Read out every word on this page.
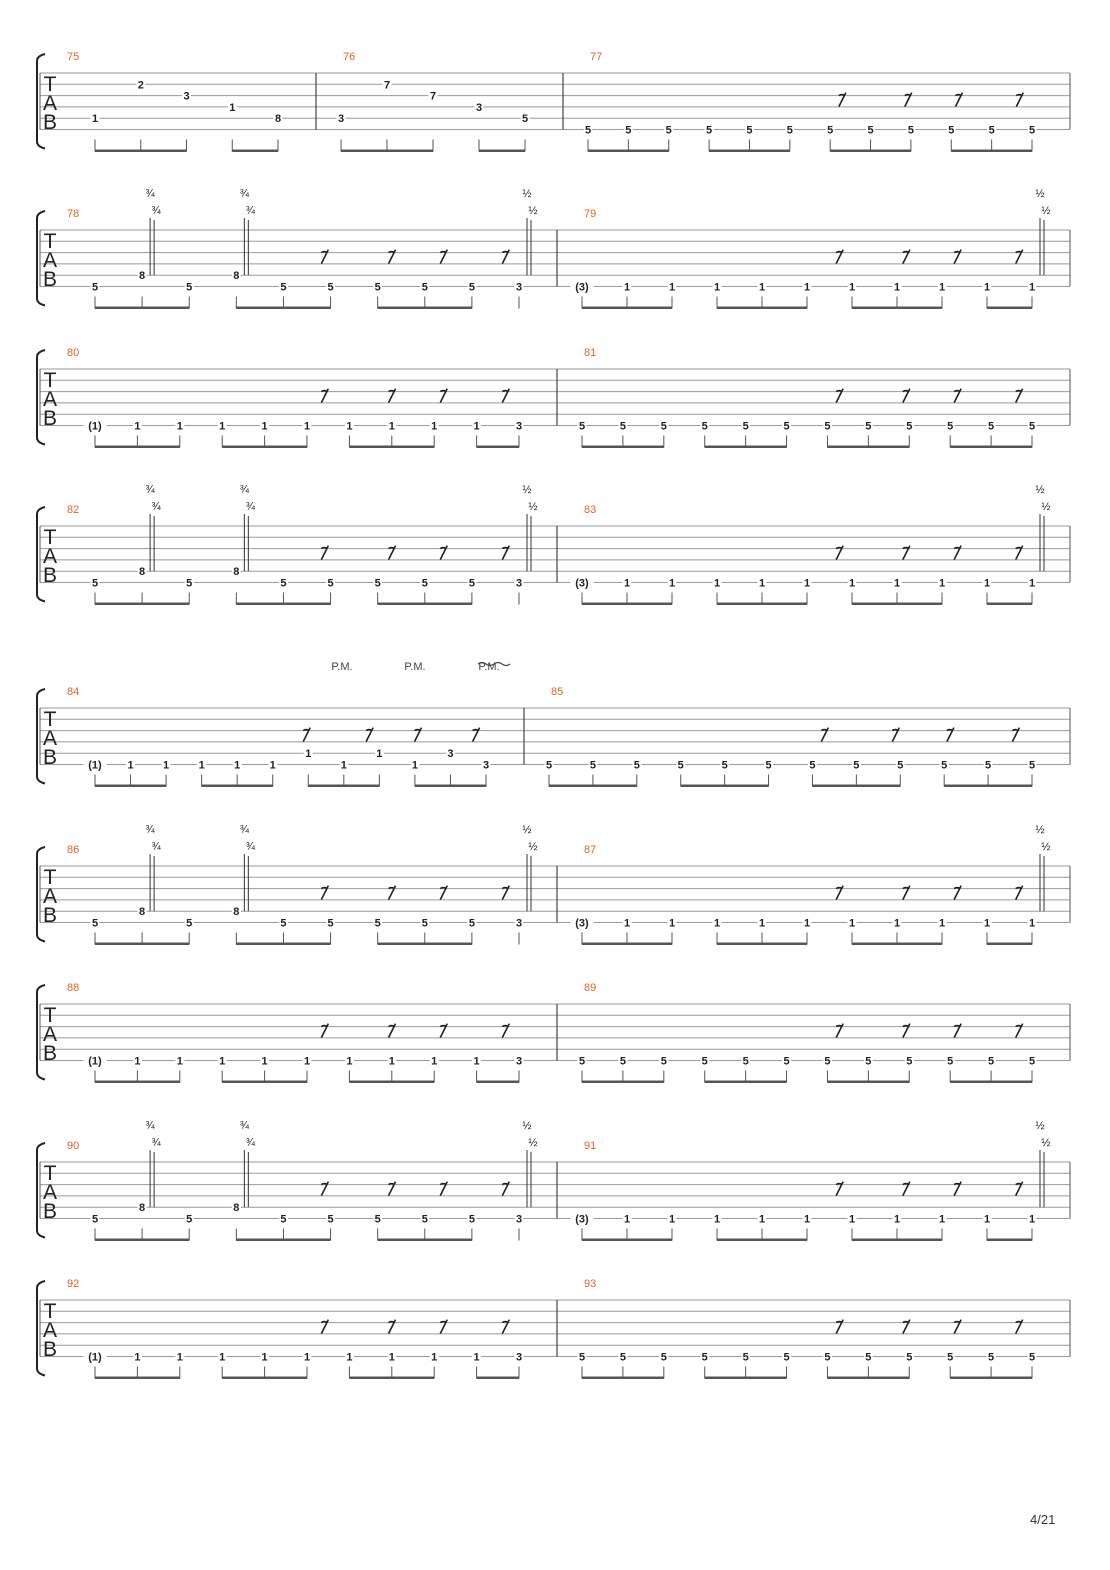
T
A
B
75
1
2
3
1
8
76
3
7
7
3
5
77
5	5	5	5	5	5	5	5	5	5	5	5
T
A
B
78
5
8
5
8
5	5	5	5	5	3
¾
¾
¾
¾
½
½	79
(3)	1	1	1	1	1	1	1	1	1	1
½
½
T
A
B
80
(1)	1	1	1	1	1	1	1	1	1	3
81
5	5	5	5	5	5	5	5	5	5	5	5
T
A
B
82
5
8
5
8
5	5	5	5	5	3
¾
¾
¾
¾
½
½	83
(3)	1	1	1	1	1	1	1	1	1	1
½
½
T
A
B
P.M.	P.M.	P.M.
84
(1) 1	1	1	1	1
1
1
1
1
3
3
85
5	5	5	5	5	5	5	5	5	5	5	5
T
A
B
86
5
8
5
8
5	5	5	5	5	3
¾
¾
¾
¾
½
½	87
(3)	1	1	1	1	1	1	1	1	1	1
½
½
T
A
B
88
(1)	1	1	1	1	1	1	1	1	1	3
89
5	5	5	5	5	5	5	5	5	5	5	5
T
A
B
90
5
8
5
8
5	5	5	5	5	3
¾
¾
¾
¾
½
½	91
(3)	1	1	1	1	1	1	1	1	1	1
½
½
T
A
B
92
(1)	1	1	1	1	1	1	1	1	1	3
93
5	5	5	5	5	5	5	5	5	5	5	5
4/21
